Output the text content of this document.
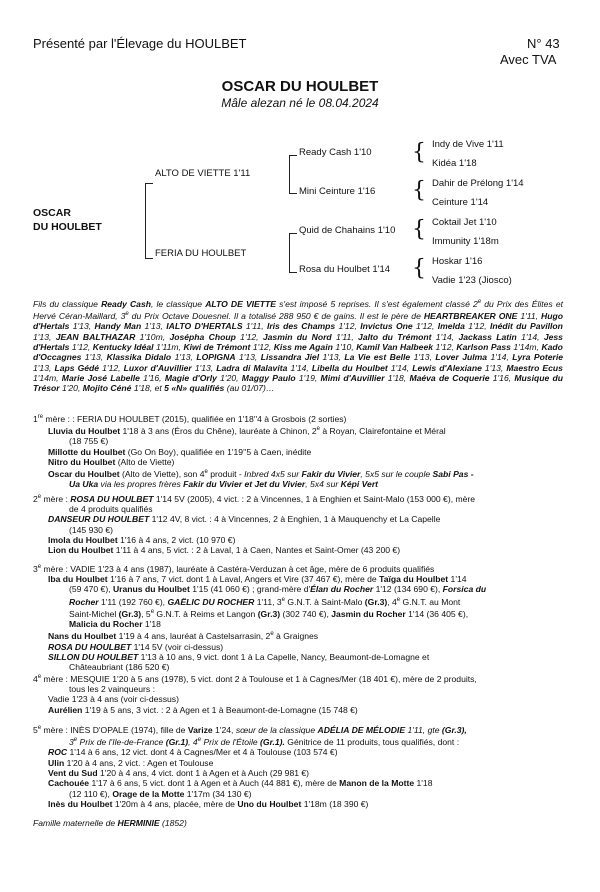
Présenté par l'Élevage du HOULBET	N° 43
Avec TVA
OSCAR DU HOULBET
Mâle alezan né le 08.04.2024
OSCAR
DU HOULBET
ALTO DE VIETTE 1'11
FERIA DU HOULBET
Ready Cash 1'10
Mini Ceinture 1'16
Quid de Chahains 1'10
Rosa du Houlbet 1'14
{
{
{
{
Indy de Vive 1'11
Kidéa 1'18
Dahir de Prélong 1'14
Ceinture 1'14
Coktail Jet 1'10
Immunity 1'18m
Hoskar 1'16
Vadie 1'23 (Jiosco)
Fils du classique Ready Cash, le classique ALTO DE VIETTE s'est imposé 5 reprises. Il s'est également classé 2e du Prix des Élites et Hervé Céran-Maillard, 3e du Prix Octave Douesnel. Il a totalisé 288 950 € de gains. Il est le père de HEARTBREAKER ONE 1'11, Hugo d'Hertals 1'13, Handy Man 1'13, IALTO D'HERTALS 1'11, Iris des Champs 1'12, Invictus One 1'12, Imelda 1'12, Inédit du Pavillon 1'13, JEAN BALTHAZAR 1'10m, Josépha Choup 1'12, Jasmin du Nord 1'11, Jalto du Trémont 1'14, Jackass Latin 1'14, Jess d'Hertals 1'12, Kentucky Idéal 1'11m, Kiwi de Trémont 1'12, Kiss me Again 1'10, Kamil Van Halbeek 1'12, Karlson Pass 1'14m, Kado d'Occagnes 1'13, Klassika Didalo 1'13, LOPIGNA 1'13, Lissandra Jiel 1'13, La Vie est Belle 1'13, Lover Julma 1'14, Lyra Poterie 1'13, Laps Gédé 1'12, Luxor d'Auvillier 1'13, Ladra di Malavita 1'14, Libella du Houlbet 1'14, Lewis d'Alexiane 1'13, Maestro Ecus 1'14m, Marie José Labelle 1'16, Magie d'Orly 1'20, Maggy Paulo 1'19, Mimi d'Auvillier 1'18, Maéva de Coquerie 1'16, Musique du Trésor 1'20, Mojito Céné 1'18, et 5 «N» qualifiés (au 01/07)…
1re mère : : FERIA DU HOULBET (2015), qualifiée en 1'18''4 à Grosbois (2 sorties)
Lluvia du Houlbet 1'18 à 3 ans (Éros du Chêne), lauréate à Chinon, 2e à Royan, Clairefontaine et Méral
(18 755 €)
Millotte du Houlbet (Go On Boy), qualifiée en 1'19''5 à Caen, inédite
Nitro du Houlbet (Alto de Viette)
Oscar du Houlbet (Alto de Viette), son 4e produit - Inbred 4x5 sur Fakir du Vivier, 5x5 sur le couple Sabi Pas -
Ua Uka via les propres frères Fakir du Vivier et Jet du Vivier, 5x4 sur Képi Vert
2e mère : ROSA DU HOULBET 1'14 5V (2005), 4 vict. : 2 à Vincennes, 1 à Enghien et Saint-Malo (153 000 €), mère
de 4 produits qualifiés
DANSEUR DU HOULBET 1'12 4V, 8 vict. : 4 à Vincennes, 2 à Enghien, 1 à Mauquenchy et La Capelle
(145 930 €)
Imola du Houlbet 1'16 à 4 ans, 2 vict. (10 970 €)
Lion du Houlbet 1'11 à 4 ans, 5 vict. : 2 à Laval, 1 à Caen, Nantes et Saint-Omer (43 200 €)
3e mère : VADIE 1'23 à 4 ans (1987), lauréate à Castéra-Verduzan à cet âge, mère de 6 produits qualifiés
Iba du Houlbet 1'16 à 7 ans, 7 vict. dont 1 à Laval, Angers et Vire (37 467 €), mère de Taïga du Houlbet 1'14
(59 470 €), Uranus du Houlbet 1'15 (41 060 €) ; grand-mère d'Élan du Rocher 1'12 (134 690 €), Forsica du
Rocher 1'11 (192 760 €), GAËLIC DU ROCHER 1'11, 3e G.N.T. à Saint-Malo (Gr.3), 4e G.N.T. au Mont
Saint-Michel (Gr.3), 5e G.N.T. à Reims et Langon (Gr.3) (302 740 €), Jasmin du Rocher 1'14 (36 405 €),
Malicia du Rocher 1'18
Nans du Houlbet 1'19 à 4 ans, lauréat à Castelsarrasin, 2e à Graignes
ROSA DU HOULBET 1'14 5V (voir ci-dessus)
SILLON DU HOULBET 1'13 à 10 ans, 9 vict. dont 1 à La Capelle, Nancy, Beaumont-de-Lomagne et
Châteaubriant (186 520 €)
4e mère : MESQUIE 1'20 à 5 ans (1978), 5 vict. dont 2 à Toulouse et 1 à Cagnes/Mer (18 401 €), mère de 2 produits,
tous les 2 vainqueurs :
Vadie 1'23 à 4 ans (voir ci-dessus)
Aurélien 1'19 à 5 ans, 3 vict. : 2 à Agen et 1 à Beaumont-de-Lomagne (15 748 €)
5e mère : INÈS D'OPALE (1974), fille de Varize 1'24, sœur de la classique ADÉLIA DE MÉLODIE 1'11, gte (Gr.3),
3e Prix de l'Ile-de-France (Gr.1), 4e Prix de l'Étoile (Gr.1). Génitrice de 11 produits, tous qualifiés, dont :
ROC 1'14 à 6 ans, 12 vict. dont 4 à Cagnes/Mer et 4 à Toulouse (103 574 €)
Ulin 1'20 à 4 ans, 2 vict. : Agen et Toulouse
Vent du Sud 1'20 à 4 ans, 4 vict. dont 1 à Agen et à Auch (29 981 €)
Cachouée 1'17 à 6 ans, 5 vict. dont 1 à Agen et à Auch (44 881 €), mère de Manon de la Motte 1'18
(12 110 €), Orage de la Motte 1'17m (34 130 €)
Inès du Houlbet 1'20m à 4 ans, placée, mère de Uno du Houlbet 1'18m (18 390 €)
Famille maternelle de HERMINIE (1852)
